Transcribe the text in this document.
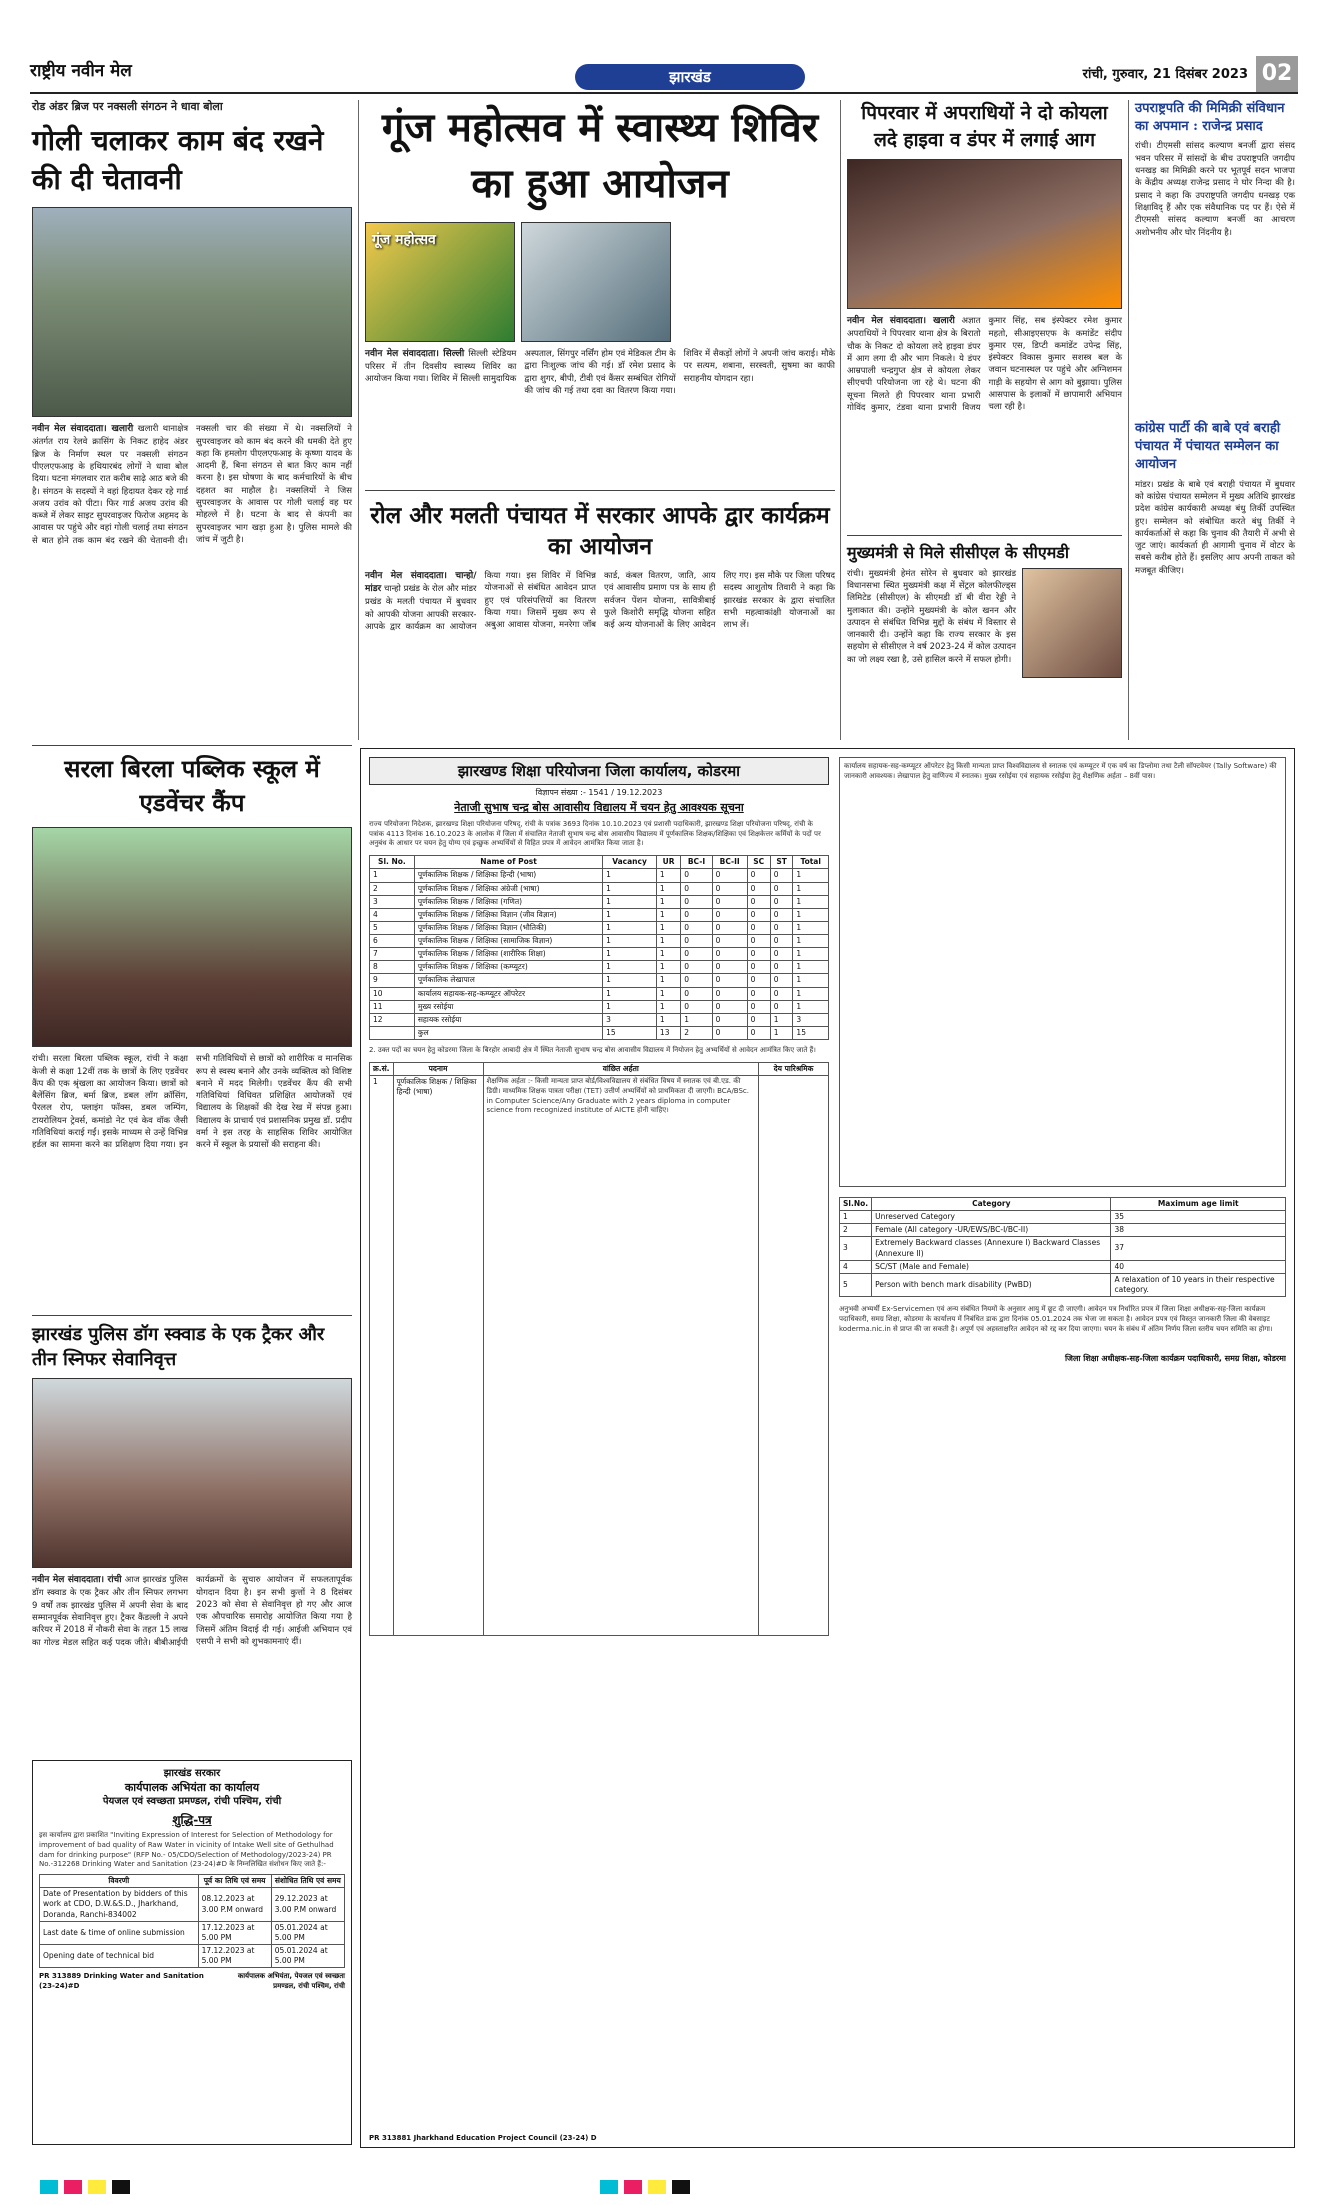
राष्ट्रीय नवीन मेल	झारखंड	रांची, गुरुवार, 21 दिसंबर 2023 02
रोड अंडर ब्रिज पर नक्सली संगठन ने धावा बोला
गोली चलाकर काम बंद रखने की दी चेतावनी
नवीन मेल संवाददाता। खलारी खलारी थानाक्षेत्र अंतर्गत राय रेलवे क्रासिंग के निकट हाहेद अंडर ब्रिज के निर्माण स्थल पर नक्सली संगठन पीएलएफआइ के हथियारबंद लोगों ने धावा बोल दिया। घटना मंगलवार रात करीब साढ़े आठ बजे की है। संगठन के सदस्यों ने वहां हिदायत देकर रहे गार्ड अजय उरांव को पीटा। फिर गार्ड अजय उरांव की कब्जे में लेकर साइट सुपरवाइजर फिरोज अहमद के आवास पर पहुंचे और वहां गोली चलाई तथा संगठन से बात होने तक काम बंद रखने की चेतावनी दी। नक्सली चार की संख्या में थे। नक्सलियों ने सुपरवाइजर को काम बंद करने की धमकी देते हुए कहा कि हमलोग पीएलएफआइ के कृष्णा यादव के आदमी हैं, बिना संगठन से बात किए काम नहीं करना है। इस घोषणा के बाद कर्मचारियों के बीच दहशत का माहौल है। नक्सलियों ने जिस सुपरवाइजर के आवास पर गोली चलाई वह घर मोहल्ले में है। घटना के बाद से कंपनी का सुपरवाइजर भाग खड़ा हुआ है। पुलिस मामले की जांच में जुटी है।
गूंज महोत्सव में स्वास्थ्य शिविर का हुआ आयोजन
गूंज महोत्सव
नवीन मेल संवाददाता। सिल्ली सिल्ली स्टेडियम परिसर में तीन दिवसीय स्वास्थ्य शिविर का आयोजन किया गया। शिविर में सिल्ली सामुदायिक अस्पताल, सिंगपुर नर्सिंग होम एवं मेडिकल टीम के द्वारा निःशुल्क जांच की गई। डॉ रमेश प्रसाद के द्वारा शुगर, बीपी, टीवी एवं कैंसर सम्बंधित रोगियों की जांच की गई तथा दवा का वितरण किया गया। शिविर में सैकड़ों लोगों ने अपनी जांच कराई। मौके पर सत्यम, शबाना, सरस्वती, सुषमा का काफी सराहनीय योगदान रहा।
रोल और मलती पंचायत में सरकार आपके द्वार कार्यक्रम का आयोजन
नवीन मेल संवाददाता। चान्हो/मांडर चान्हो प्रखंड के रोल और मांडर प्रखंड के मलती पंचायत में बुधवार को आपकी योजना आपकी सरकार-आपके द्वार कार्यक्रम का आयोजन किया गया। इस शिविर में विभिन्न योजनाओं से संबंधित आवेदन प्राप्त हुए एवं परिसंपत्तियों का वितरण किया गया। जिसमें मुख्य रूप से अबुआ आवास योजना, मनरेगा जॉब कार्ड, कंबल वितरण, जाति, आय एवं आवासीय प्रमाण पत्र के साथ ही सर्वजन पेंशन योजना, सावित्रीबाई फुले किशोरी समृद्धि योजना सहित कई अन्य योजनाओं के लिए आवेदन लिए गए। इस मौके पर जिला परिषद सदस्य आशुतोष तिवारी ने कहा कि झारखंड सरकार के द्वारा संचालित सभी महत्वाकांक्षी योजनाओं का लाभ लें।
पिपरवार में अपराधियों ने दो कोयला लदे हाइवा व डंपर में लगाई आग
नवीन मेल संवाददाता। खलारी अज्ञात अपराधियों ने पिपरवार थाना क्षेत्र के बिरातो चौक के निकट दो कोयला लदे हाइवा डंपर में आग लगा दी और भाग निकले। ये डंपर आम्रपाली चन्द्रगुप्त क्षेत्र से कोयला लेकर सीएचपी परियोजना जा रहे थे। घटना की सूचना मिलते ही पिपरवार थाना प्रभारी गोविंद कुमार, टंडवा थाना प्रभारी विजय कुमार सिंह, सब इंस्पेक्टर रमेश कुमार महतो, सीआइएसएफ के कमांडेंट संदीप कुमार एस, डिप्टी कमांडेंट उपेन्द्र सिंह, इंस्पेक्टर विकास कुमार सशस्त्र बल के जवान घटनास्थल पर पहुंचे और अग्निशमन गाड़ी के सहयोग से आग को बुझाया। पुलिस आसपास के इलाकों में छापामारी अभियान चला रही है।
मुख्यमंत्री से मिले सीसीएल के सीएमडी
रांची। मुख्यमंत्री हेमंत सोरेन से बुधवार को झारखंड विधानसभा स्थित मुख्यमंत्री कक्ष में सेंट्रल कोलफील्ड्स लिमिटेड (सीसीएल) के सीएमडी डॉ बी वीरा रेड्डी ने मुलाकात की। उन्होंने मुख्यमंत्री के कोल खनन और उत्पादन से संबंधित विभिन्न मुद्दों के संबंध में विस्तार से जानकारी दी। उन्होंने कहा कि राज्य सरकार के इस सहयोग से सीसीएल ने वर्ष 2023-24 में कोल उत्पादन का जो लक्ष्य रखा है, उसे हासिल करने में सफल होगी।
उपराष्ट्रपति की मिमिक्री संविधान का अपमान : राजेन्द्र प्रसाद
रांची। टीएमसी सांसद कल्याण बनर्जी द्वारा संसद भवन परिसर में सांसदों के बीच उपराष्ट्रपति जगदीप धनखड़ का मिमिक्री करने पर भूतपूर्व सदन भाजपा के केंद्रीय अध्यक्ष राजेन्द्र प्रसाद ने घोर निन्दा की है। प्रसाद ने कहा कि उपराष्ट्रपति जगदीप धनखड़ एक शिक्षाविद् हैं और एक संवैधानिक पद पर हैं। ऐसे में टीएमसी सांसद कल्याण बनर्जी का आचरण अशोभनीय और घोर निंदनीय है।
कांग्रेस पार्टी की बाबे एवं बराही पंचायत में पंचायत सम्मेलन का आयोजन
मांडर। प्रखंड के बाबे एवं बराही पंचायत में बुधवार को कांग्रेस पंचायत सम्मेलन में मुख्य अतिथि झारखंड प्रदेश कांग्रेस कार्यकारी अध्यक्ष बंधु तिर्की उपस्थित हुए। सम्मेलन को संबोधित करते बंधु तिर्की ने कार्यकर्ताओं से कहा कि चुनाव की तैयारी में अभी से जुट जाएं। कार्यकर्ता ही आगामी चुनाव में वोटर के सबसे करीब होते हैं। इसलिए आप अपनी ताकत को मजबूत कीजिए।
सरला बिरला पब्लिक स्कूल में एडवेंचर कैंप
रांची। सरला बिरला पब्लिक स्कूल, रांची ने कक्षा केजी से कक्षा 12वीं तक के छात्रों के लिए एडवेंचर कैंप की एक श्रृंखला का आयोजन किया। छात्रों को बैलेंसिंग ब्रिज, बर्मा ब्रिज, डबल लॉग क्रॉसिंग, पैरलल रोप, फ्लाइंग फॉक्स, डबल जम्पिंग, टायरोलियन ट्रेवर्स, कमांडो नेट एवं केव वॉक जैसी गतिविधियां कराई गईं। इसके माध्यम से उन्हें विभिन्न हर्डल का सामना करने का प्रशिक्षण दिया गया। इन सभी गतिविधियों से छात्रों को शारीरिक व मानसिक रूप से स्वस्थ बनाने और उनके व्यक्तित्व को विशिष्ट बनाने में मदद मिलेगी। एडवेंचर कैंप की सभी गतिविधियां विधिवत प्रशिक्षित आयोजकों एवं विद्यालय के शिक्षकों की देख रेख में संपन्न हुआ। विद्यालय के प्राचार्य एवं प्रशासनिक प्रमुख डॉ. प्रदीप वर्मा ने इस तरह के साहसिक शिविर आयोजित करने में स्कूल के प्रयासों की सराहना की।
झारखंड पुलिस डॉग स्क्वाड के एक ट्रैकर और तीन स्निफर सेवानिवृत्त
नवीन मेल संवाददाता। रांची आज झारखंड पुलिस डॉग स्क्वाड के एक ट्रैकर और तीन स्निफर लगभग 9 वर्षों तक झारखंड पुलिस में अपनी सेवा के बाद सम्मानपूर्वक सेवानिवृत्त हुए। ट्रैकर कैंडल्ली ने अपने करियर में 2018 में नौकरी सेवा के तहत 15 लाख का गोल्ड मेडल सहित कई पदक जीते। बीबीआईपी कार्यक्रमों के सुचारु आयोजन में सफलतापूर्वक योगदान दिया है। इन सभी कुत्तों ने 8 दिसंबर 2023 को सेवा से सेवानिवृत्त हो गए और आज एक औपचारिक समारोह आयोजित किया गया है जिसमें अंतिम विदाई दी गई। आईजी अभियान एवं एसपी ने सभी को शुभकामनाएं दीं।
झारखंड सरकार
कार्यपालक अभियंता का कार्यालय
पेयजल एवं स्वच्छता प्रमण्डल, रांची पश्चिम, रांची
शुद्धि-पत्र
इस कार्यालय द्वारा प्रकाशित "Inviting Expression of Interest for Selection of Methodology for improvement of bad quality of Raw Water in vicinity of Intake Well site of Gethulhad dam for drinking purpose" (RFP No.- 05/CDO/Selection of Methodology/2023-24) PR No.-312268 Drinking Water and Sanitation (23-24)#D के निम्नलिखित संशोधन किए जाते हैं:-
विवरणी	पूर्व का तिथि एवं समय	संशोधित तिथि एवं समय
Date of Presentation by bidders of this work at CDO, D.W.&S.D., Jharkhand, Doranda, Ranchi-834002	08.12.2023 at 3.00 P.M onward	29.12.2023 at 3.00 P.M onward
Last date & time of online submission	17.12.2023 at 5.00 PM	05.01.2024 at 5.00 PM
Opening date of technical bid	17.12.2023 at 5.00 PM	05.01.2024 at 5.00 PM
PR 313889 Drinking Water and Sanitation (23-24)#D
कार्यपालक अभियंता, पेयजल एवं स्वच्छता प्रमण्डल, रांची पश्चिम, रांची
झारखण्ड शिक्षा परियोजना जिला कार्यालय, कोडरमा
विज्ञापन संख्या :- 1541 / 19.12.2023
नेताजी सुभाष चन्द्र बोस आवासीय विद्यालय में चयन हेतु आवश्यक सूचना
राज्य परियोजना निदेशक, झारखण्ड शिक्षा परियोजना परिषद्, रांची के पत्रांक 3693 दिनांक 10.10.2023 एवं प्रशासी पदाधिकारी, झारखण्ड शिक्षा परियोजना परिषद्, रांची के पत्रांक 4113 दिनांक 16.10.2023 के आलोक में जिला में संचालित नेताजी सुभाष चन्द्र बोस आवासीय विद्यालय में पूर्णकालिक शिक्षक/शिक्षिका एवं शिक्षकेत्तर कर्मियों के पदों पर अनुबंध के आधार पर चयन हेतु योग्य एवं इच्छुक अभ्यर्थियों से विहित प्रपत्र में आवेदन आमंत्रित किया जाता है।
Sl. No.	Name of Post	Vacancy	UR	BC-I	BC-II	SC	ST	Total
1	पूर्णकालिक शिक्षक / शिक्षिका हिन्दी (भाषा)	1	1	0	0	0	0	1
2	पूर्णकालिक शिक्षक / शिक्षिका अंग्रेजी (भाषा)	1	1	0	0	0	0	1
3	पूर्णकालिक शिक्षक / शिक्षिका (गणित)	1	1	0	0	0	0	1
4	पूर्णकालिक शिक्षक / शिक्षिका विज्ञान (जीव विज्ञान)	1	1	0	0	0	0	1
5	पूर्णकालिक शिक्षक / शिक्षिका विज्ञान (भौतिकी)	1	1	0	0	0	0	1
6	पूर्णकालिक शिक्षक / शिक्षिका (सामाजिक विज्ञान)	1	1	0	0	0	0	1
7	पूर्णकालिक शिक्षक / शिक्षिका (शारीरिक शिक्षा)	1	1	0	0	0	0	1
8	पूर्णकालिक शिक्षक / शिक्षिका (कम्प्यूटर)	1	1	0	0	0	0	1
9	पूर्णकालिक लेखापाल	1	1	0	0	0	0	1
10	कार्यालय सहायक-सह-कम्प्यूटर ऑपरेटर	1	1	0	0	0	0	1
11	मुख्य रसोईया	1	1	0	0	0	0	1
12	सहायक रसोईया	3	1	1	0	0	1	3
	कुल	15	13	2	0	0	1	15
2. उक्त पदों का चयन हेतु कोडरमा जिला के बिरहोर आबादी क्षेत्र में स्थित नेताजी सुभाष चन्द्र बोस आवासीय विद्यालय में नियोजन हेतु अभ्यर्थियों से आवेदन आमंत्रित किए जाते हैं।
क्र.सं.	पदनाम	वांछित अर्हता	देय पारिश्रमिक
1	पूर्णकालिक शिक्षक / शिक्षिका हिन्दी (भाषा)	शैक्षणिक अर्हता :- किसी मान्यता प्राप्त बोर्ड/विश्वविद्यालय से संबंधित विषय में स्नातक एवं बी.एड. की डिग्री। माध्यमिक शिक्षक पात्रता परीक्षा (TET) उत्तीर्ण अभ्यर्थियों को प्राथमिकता दी जाएगी। BCA/BSc. in Computer Science/Any Graduate with 2 years diploma in computer science from recognized institute of AICTE होनी चाहिए।	
कार्यालय सहायक-सह-कम्प्यूटर ऑपरेटर हेतु किसी मान्यता प्राप्त विश्वविद्यालय से स्नातक एवं कम्प्यूटर में एक वर्ष का डिप्लोमा तथा टैली सॉफ्टवेयर (Tally Software) की जानकारी आवश्यक। लेखापाल हेतु वाणिज्य में स्नातक। मुख्य रसोईया एवं सहायक रसोईया हेतु शैक्षणिक अर्हता – 8वीं पास।
Sl.No.	Category	Maximum age limit
1	Unreserved Category	35
2	Female (All category -UR/EWS/BC-I/BC-II)	38
3	Extremely Backward classes (Annexure I) Backward Classes (Annexure II)	37
4	SC/ST (Male and Female)	40
5	Person with bench mark disability (PwBD)	A relaxation of 10 years in their respective category.
अनुभवी अभ्यर्थी Ex-Servicemen एवं अन्य संबंधित नियमों के अनुसार आयु में छूट दी जाएगी। आवेदन पत्र निर्धारित प्रपत्र में जिला शिक्षा अधीक्षक-सह-जिला कार्यक्रम पदाधिकारी, समग्र शिक्षा, कोडरमा के कार्यालय में निबंधित डाक द्वारा दिनांक 05.01.2024 तक भेजा जा सकता है। आवेदन प्रपत्र एवं विस्तृत जानकारी जिला की वेबसाइट koderma.nic.in से प्राप्त की जा सकती है। अपूर्ण एवं अहस्ताक्षरित आवेदन को रद्द कर दिया जाएगा। चयन के संबंध में अंतिम निर्णय जिला स्तरीय चयन समिति का होगा।
जिला शिक्षा अधीक्षक-सह-जिला कार्यक्रम पदाधिकारी, समग्र शिक्षा, कोडरमा
PR 313881 Jharkhand Education Project Council (23-24) D
